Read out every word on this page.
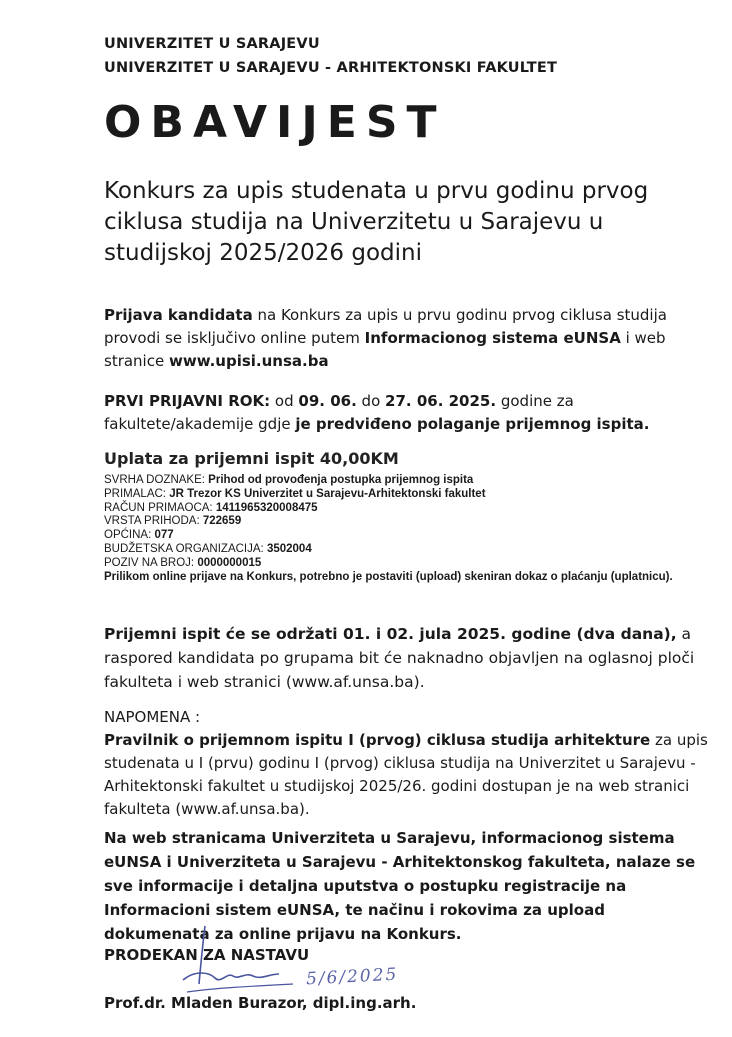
UNIVERZITET U SARAJEVU
UNIVERZITET U SARAJEVU - ARHITEKTONSKI FAKULTET
OBAVIJEST
Konkurs za upis studenata u prvu godinu prvog ciklusa studija na Univerzitetu u Sarajevu u studijskoj 2025/2026 godini
Prijava kandidata na Konkurs za upis u prvu godinu prvog ciklusa studija provodi se isključivo online putem Informacionog sistema eUNSA i web stranice www.upisi.unsa.ba
PRVI PRIJAVNI ROK: od 09. 06. do 27. 06. 2025. godine za fakultete/akademije gdje je predviđeno polaganje prijemnog ispita.
Uplata za prijemni ispit 40,00KM
SVRHA DOZNAKE: Prihod od provođenja postupka prijemnog ispita
PRIMALAC: JR Trezor KS Univerzitet u Sarajevu-Arhitektonski fakultet
RAČUN PRIMAOCA: 1411965320008475
VRSTA PRIHODA: 722659
OPĆINA: 077
BUDŽETSKA ORGANIZACIJA: 3502004
POZIV NA BROJ: 0000000015
Prilikom online prijave na Konkurs, potrebno je postaviti (upload) skeniran dokaz o plaćanju (uplatnicu).
Prijemni ispit će se održati 01. i 02. jula 2025. godine (dva dana), a raspored kandidata po grupama bit će naknadno objavljen na oglasnoj ploči fakulteta i web stranici (www.af.unsa.ba).
NAPOMENA :
Pravilnik o prijemnom ispitu I (prvog) ciklusa studija arhitekture za upis studenata u I (prvu) godinu I (prvog) ciklusa studija na Univerzitet u Sarajevu - Arhitektonski fakultet u studijskoj 2025/26. godini dostupan je na web stranici fakulteta (www.af.unsa.ba).
Na web stranicama Univerziteta u Sarajevu, informacionog sistema eUNSA i Univerziteta u Sarajevu - Arhitektonskog fakulteta, nalaze se sve informacije i detaljna uputstva o postupku registracije na Informacioni sistem eUNSA, te načinu i rokovima za upload dokumenata za online prijavu na Konkurs.
PRODEKAN ZA NASTAVU
5/6/2025
Prof.dr. Mladen Burazor, dipl.ing.arh.
